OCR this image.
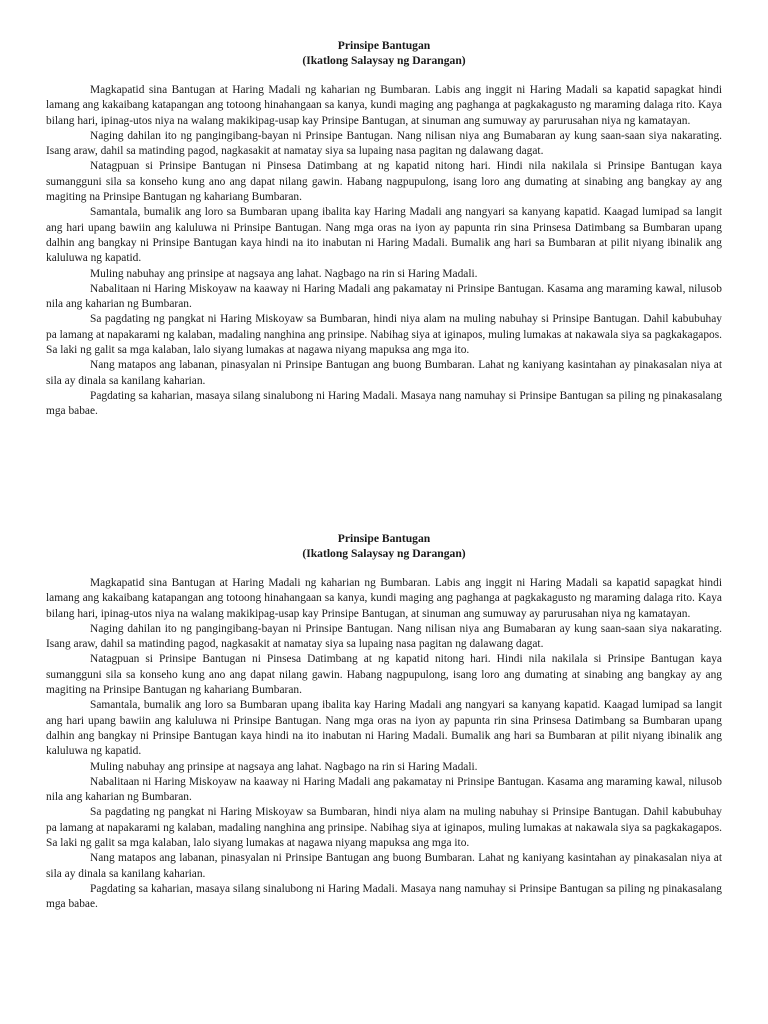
Prinsipe Bantugan
(Ikatlong Salaysay ng Darangan)

Magkapatid sina Bantugan at Haring Madali ng kaharian ng Bumbaran. Labis ang inggit ni Haring Madali sa kapatid sapagkat hindi lamang ang kakaibang katapangan ang totoong hinahangaan sa kanya, kundi maging ang paghanga at pagkakagusto ng maraming dalaga rito. Kaya bilang hari, ipinag-utos niya na walang makikipag-usap kay Prinsipe Bantugan, at sinuman ang sumuway ay parurusahan niya ng kamatayan.

Naging dahilan ito ng pangingibang-bayan ni Prinsipe Bantugan. Nang nilisan niya ang Bumabaran ay kung saan-saan siya nakarating. Isang araw, dahil sa matinding pagod, nagkasakit at namatay siya sa lupaing nasa pagitan ng dalawang dagat.

Natagpuan si Prinsipe Bantugan ni Pinsesa Datimbang at ng kapatid nitong hari. Hindi nila nakilala si Prinsipe Bantugan kaya sumangguni sila sa konseho kung ano ang dapat nilang gawin. Habang nagpupulong, isang loro ang dumating at sinabing ang bangkay ay ang magiting na Prinsipe Bantugan ng kahariang Bumbaran.

Samantala, bumalik ang loro sa Bumbaran upang ibalita kay Haring Madali ang nangyari sa kanyang kapatid. Kaagad lumipad sa langit ang hari upang bawiin ang kaluluwa ni Prinsipe Bantugan. Nang mga oras na iyon ay papunta rin sina Prinsesa Datimbang sa Bumbaran upang dalhin ang bangkay ni Prinsipe Bantugan kaya hindi na ito inabutan ni Haring Madali. Bumalik ang hari sa Bumbaran at pilit niyang ibinalik ang kaluluwa ng kapatid.

Muling nabuhay ang prinsipe at nagsaya ang lahat. Nagbago na rin si Haring Madali.

Nabalitaan ni Haring Miskoyaw na kaaway ni Haring Madali ang pakamatay ni Prinsipe Bantugan. Kasama ang maraming kawal, nilusob nila ang kaharian ng Bumbaran.

Sa pagdating ng pangkat ni Haring Miskoyaw sa Bumbaran, hindi niya alam na muling nabuhay si Prinsipe Bantugan. Dahil kabubuhay pa lamang at napakarami ng kalaban, madaling nanghina ang prinsipe. Nabihag siya at iginapos, muling lumakas at nakawala siya sa pagkakagapos. Sa laki ng galit sa mga kalaban, lalo siyang lumakas at nagawa niyang mapuksa ang mga ito.

Nang matapos ang labanan, pinasyalan ni Prinsipe Bantugan ang buong Bumbaran. Lahat ng kaniyang kasintahan ay pinakasalan niya at sila ay dinala sa kanilang kaharian.

Pagdating sa kaharian, masaya silang sinalubong ni Haring Madali. Masaya nang namuhay si Prinsipe Bantugan sa piling ng pinakasalang mga babae.

Prinsipe Bantugan
(Ikatlong Salaysay ng Darangan)

Magkapatid sina Bantugan at Haring Madali ng kaharian ng Bumbaran. Labis ang inggit ni Haring Madali sa kapatid sapagkat hindi lamang ang kakaibang katapangan ang totoong hinahangaan sa kanya, kundi maging ang paghanga at pagkakagusto ng maraming dalaga rito. Kaya bilang hari, ipinag-utos niya na walang makikipag-usap kay Prinsipe Bantugan, at sinuman ang sumuway ay parurusahan niya ng kamatayan.

Naging dahilan ito ng pangingibang-bayan ni Prinsipe Bantugan. Nang nilisan niya ang Bumabaran ay kung saan-saan siya nakarating. Isang araw, dahil sa matinding pagod, nagkasakit at namatay siya sa lupaing nasa pagitan ng dalawang dagat.

Natagpuan si Prinsipe Bantugan ni Pinsesa Datimbang at ng kapatid nitong hari. Hindi nila nakilala si Prinsipe Bantugan kaya sumangguni sila sa konseho kung ano ang dapat nilang gawin. Habang nagpupulong, isang loro ang dumating at sinabing ang bangkay ay ang magiting na Prinsipe Bantugan ng kahariang Bumbaran.

Samantala, bumalik ang loro sa Bumbaran upang ibalita kay Haring Madali ang nangyari sa kanyang kapatid. Kaagad lumipad sa langit ang hari upang bawiin ang kaluluwa ni Prinsipe Bantugan. Nang mga oras na iyon ay papunta rin sina Prinsesa Datimbang sa Bumbaran upang dalhin ang bangkay ni Prinsipe Bantugan kaya hindi na ito inabutan ni Haring Madali. Bumalik ang hari sa Bumbaran at pilit niyang ibinalik ang kaluluwa ng kapatid.

Muling nabuhay ang prinsipe at nagsaya ang lahat. Nagbago na rin si Haring Madali.

Nabalitaan ni Haring Miskoyaw na kaaway ni Haring Madali ang pakamatay ni Prinsipe Bantugan. Kasama ang maraming kawal, nilusob nila ang kaharian ng Bumbaran.

Sa pagdating ng pangkat ni Haring Miskoyaw sa Bumbaran, hindi niya alam na muling nabuhay si Prinsipe Bantugan. Dahil kabubuhay pa lamang at napakarami ng kalaban, madaling nanghina ang prinsipe. Nabihag siya at iginapos, muling lumakas at nakawala siya sa pagkakagapos. Sa laki ng galit sa mga kalaban, lalo siyang lumakas at nagawa niyang mapuksa ang mga ito.

Nang matapos ang labanan, pinasyalan ni Prinsipe Bantugan ang buong Bumbaran. Lahat ng kaniyang kasintahan ay pinakasalan niya at sila ay dinala sa kanilang kaharian.

Pagdating sa kaharian, masaya silang sinalubong ni Haring Madali. Masaya nang namuhay si Prinsipe Bantugan sa piling ng pinakasalang mga babae.
